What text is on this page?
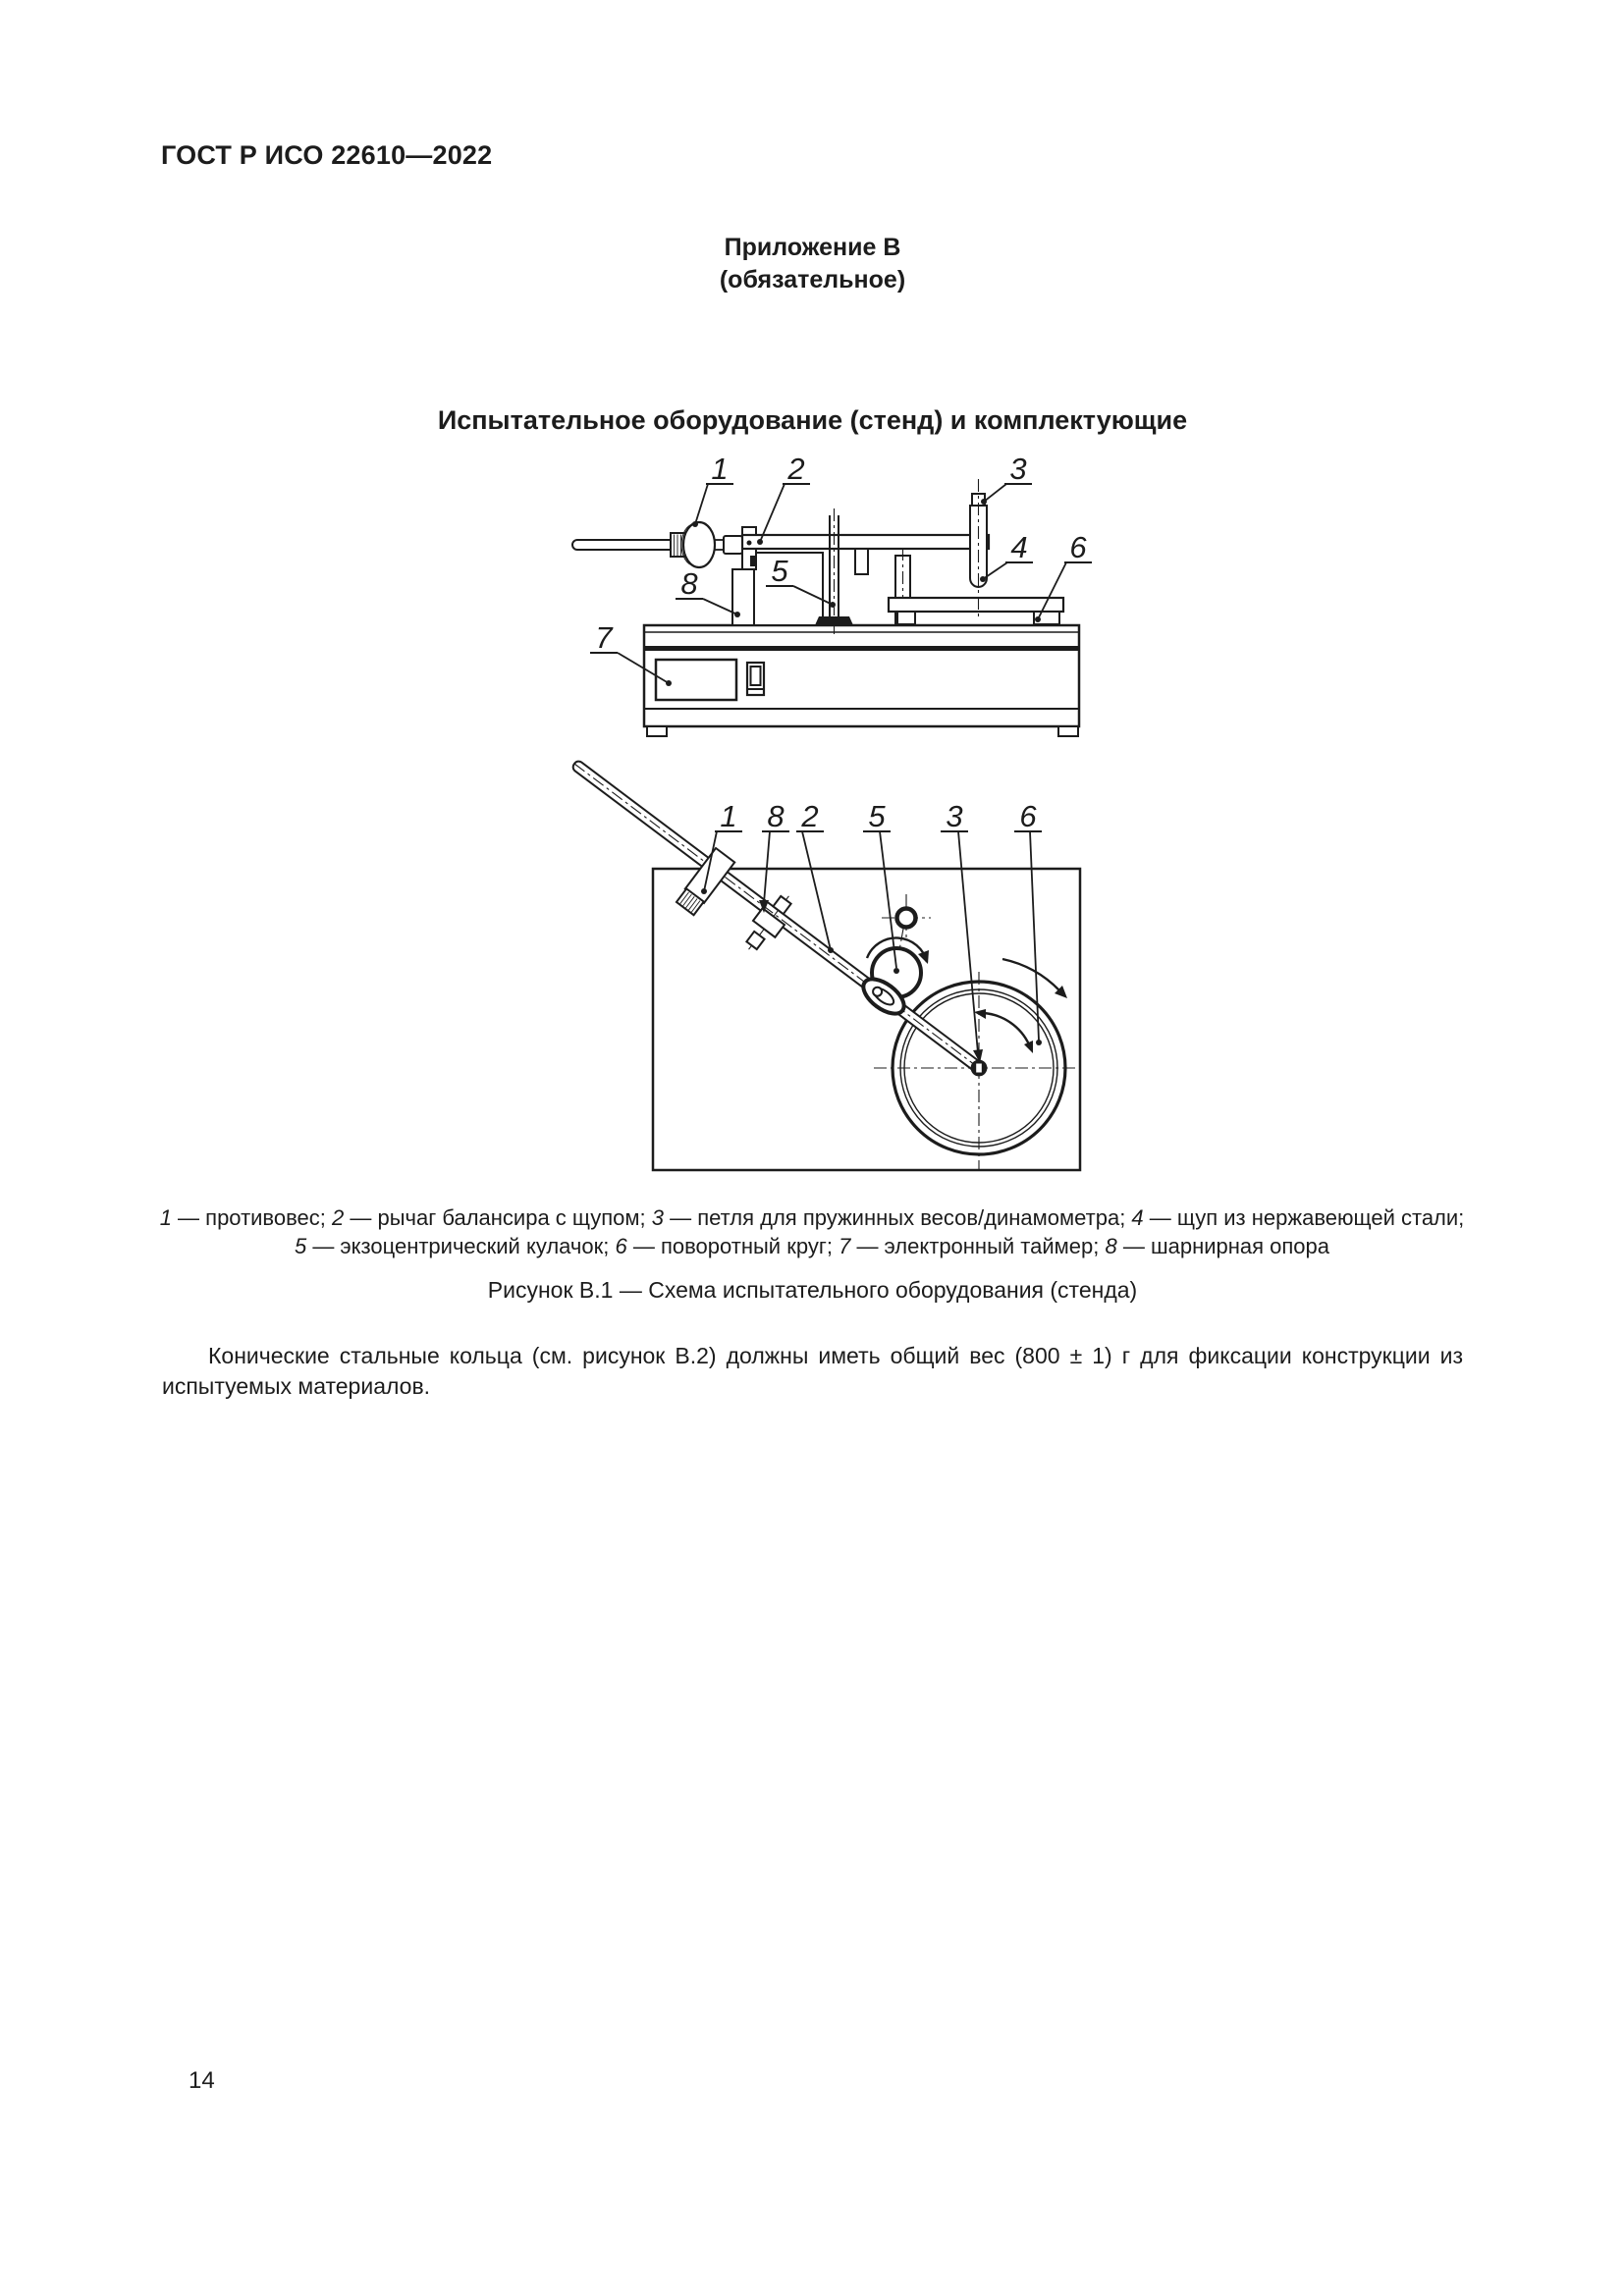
ГОСТ Р ИСО 22610—2022
Приложение В
(обязательное)
Испытательное оборудование (стенд) и комплектующие
1 2	3
4 6
5
8
7
1 8 2 5 3 6
1 — противовес; 2 — рычаг балансира с щупом; 3 — петля для пружинных весов/динамометра; 4 — щуп из нержавеющей стали;
5 — экзоцентрический кулачок; 6 — поворотный круг; 7 — электронный таймер; 8 — шарнирная опора
Рисунок В.1 — Схема испытательного оборудования (стенда)
Конические стальные кольца (см. рисунок В.2) должны иметь общий вес (800 ± 1) г для фиксации конструкции из испытуемых материалов.
14
